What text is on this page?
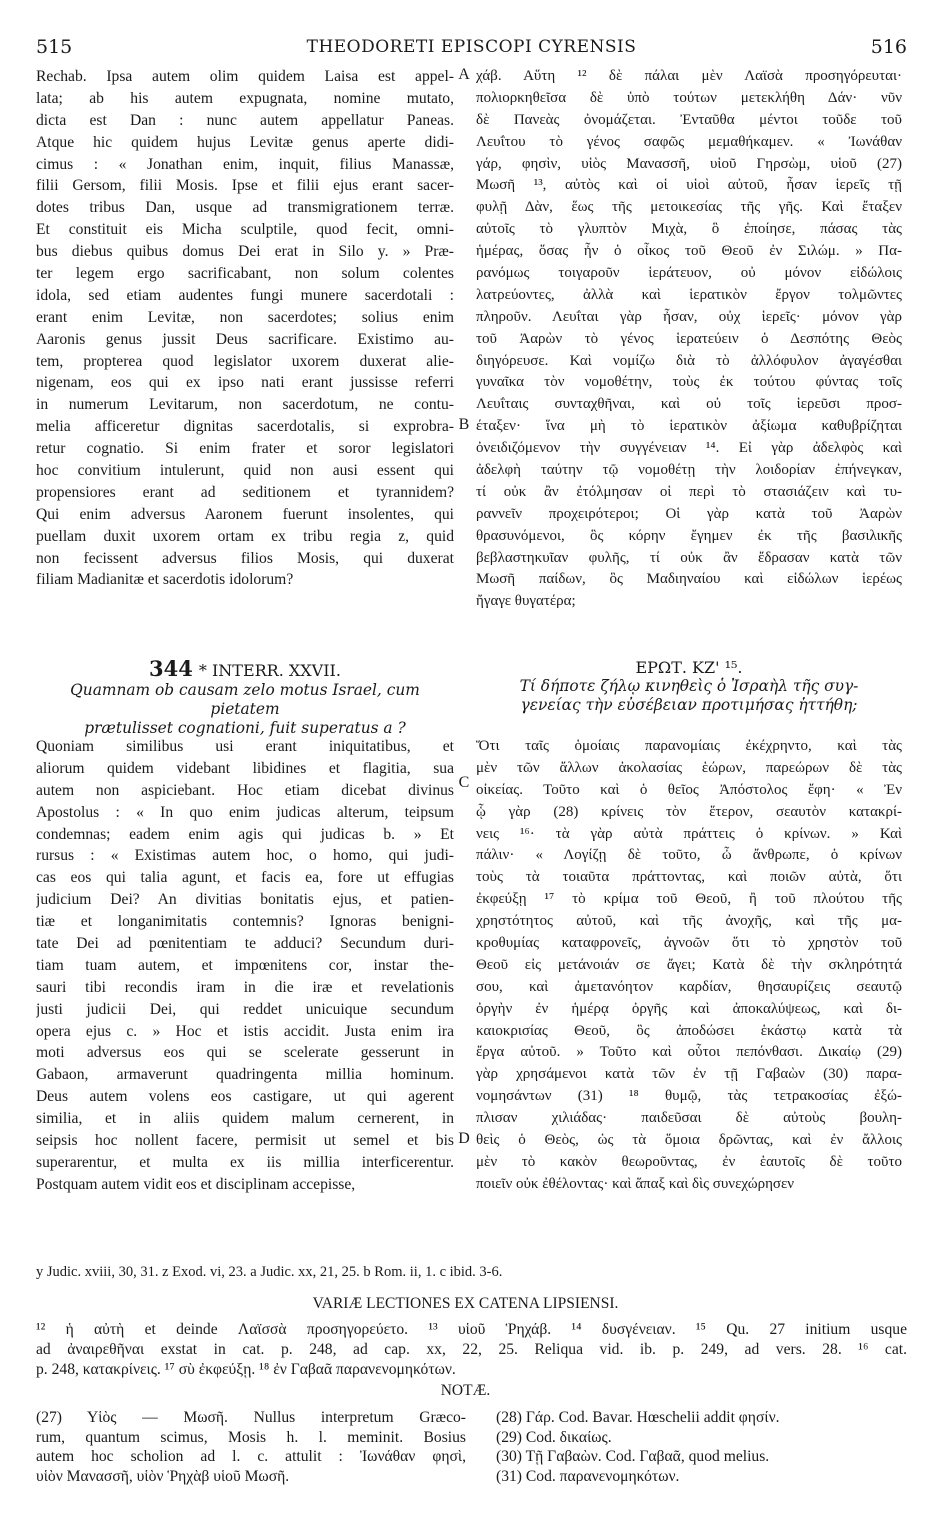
515	THEODORETI EPISCOPI CYRENSIS	516
Rechab. Ipsa autem olim quidem Laisa est appel-
lata; ab his autem expugnata, nomine mutato,
dicta est Dan : nunc autem appellatur Paneas.
Atque hic quidem hujus Levitæ genus aperte didi-
cimus : « Jonathan enim, inquit, filius Manassæ,
filii Gersom, filii Mosis. Ipse et filii ejus erant sacer-
dotes tribus Dan, usque ad transmigrationem terræ.
Et constituit eis Micha sculptile, quod fecit, omni-
bus diebus quibus domus Dei erat in Silo y. » Præ-
ter legem ergo sacrificabant, non solum colentes
idola, sed etiam audentes fungi munere sacerdotali :
erant enim Levitæ, non sacerdotes; solius enim
Aaronis genus jussit Deus sacrificare. Existimo au-
tem, propterea quod legislator uxorem duxerat alie-
nigenam, eos qui ex ipso nati erant jussisse referri
in numerum Levitarum, non sacerdotum, ne contu-
melia afficeretur dignitas sacerdotalis, si exprobra-
retur cognatio. Si enim frater et soror legislatori
hoc convitium intulerunt, quid non ausi essent qui
propensiores erant ad seditionem et tyrannidem?
Qui enim adversus Aaronem fuerunt insolentes, qui
puellam duxit uxorem ortam ex tribu regia z, quid
non fecissent adversus filios Mosis, qui duxerat
filiam Madianitæ et sacerdotis idolorum?
χάβ. Αὕτη ¹² δὲ πάλαι μὲν Λαϊσὰ προσηγόρευται·
πολιορκηθεῖσα δὲ ὑπὸ τούτων μετεκλήθη Δάν· νῦν
δὲ Πανεὰς ὀνομάζεται. Ἐνταῦθα μέντοι τοῦδε τοῦ
Λευΐτου τὸ γένος σαφῶς μεμαθήκαμεν. « Ἰωνάθαν
γάρ, φησὶν, υἱὸς Μανασσῆ, υἱοῦ Γηρσὼμ, υἱοῦ (27)
Μωσῆ ¹³, αὐτὸς καὶ οἱ υἱοὶ αὐτοῦ, ἦσαν ἱερεῖς τῇ
φυλῇ Δὰν, ἕως τῆς μετοικεσίας τῆς γῆς. Καὶ ἔταξεν
αὐτοῖς τὸ γλυπτὸν Μιχὰ, ὃ ἐποίησε, πάσας τὰς
ἡμέρας, ὅσας ἦν ὁ οἶκος τοῦ Θεοῦ ἐν Σιλώμ. » Πα-
ρανόμως τοιγαροῦν ἱεράτευον, οὐ μόνον εἰδώλοις
λατρεύοντες, ἀλλὰ καὶ ἱερατικὸν ἔργον τολμῶντες
πληροῦν. Λευΐται γὰρ ἦσαν, οὐχ ἱερεῖς· μόνον γὰρ
τοῦ Ἀαρὼν τὸ γένος ἱερατεύειν ὁ Δεσπότης Θεὸς
διηγόρευσε. Καὶ νομίζω διὰ τὸ ἀλλόφυλον ἀγαγέσθαι
γυναῖκα τὸν νομοθέτην, τοὺς ἐκ τούτου φύντας τοῖς
Λευΐταις συνταχθῆναι, καὶ οὐ τοῖς ἱερεῦσι προσ-
έταξεν· ἵνα μὴ τὸ ἱερατικὸν ἀξίωμα καθυβρίζηται
ὀνειδιζόμενον τὴν συγγένειαν ¹⁴. Εἰ γὰρ ἀδελφὸς καὶ
ἀδελφὴ ταύτην τῷ νομοθέτῃ τὴν λοιδορίαν ἐπήνεγκαν,
τί οὐκ ἂν ἐτόλμησαν οἱ περὶ τὸ στασιάζειν καὶ τυ-
ραννεῖν προχειρότεροι; Οἱ γὰρ κατὰ τοῦ Ἀαρὼν
θρασυνόμενοι, ὃς κόρην ἔγημεν ἐκ τῆς βασιλικῆς
βεβλαστηκυῖαν φυλῆς, τί οὐκ ἂν ἔδρασαν κατὰ τῶν
Μωσῆ παίδων, ὃς Μαδιηναίου καὶ εἰδώλων ἱερέως
ἤγαγε θυγατέρα;
A
B
C
D
344 * INTERR. XXVII.
Quamnam ob causam zelo motus Israel, cum pietatem
prætulisset cognationi, fuit superatus a ?
ΕΡΩΤ. ΚΖ' ¹⁵.
Τί δήποτε ζήλῳ κινηθεὶς ὁ Ἰσραὴλ τῆς συγ-
γενείας τὴν εὐσέβειαν προτιμήσας ἡττήθη;
Quoniam similibus usi erant iniquitatibus, et
aliorum quidem videbant libidines et flagitia, sua
autem non aspiciebant. Hoc etiam dicebat divinus
Apostolus : « In quo enim judicas alterum, teipsum
condemnas; eadem enim agis qui judicas b. » Et
rursus : « Existimas autem hoc, o homo, qui judi-
cas eos qui talia agunt, et facis ea, fore ut effugias
judicium Dei? An divitias bonitatis ejus, et patien-
tiæ et longanimitatis contemnis? Ignoras benigni-
tate Dei ad pœnitentiam te adduci? Secundum duri-
tiam tuam autem, et impœnitens cor, instar the-
sauri tibi recondis iram in die iræ et revelationis
justi judicii Dei, qui reddet unicuique secundum
opera ejus c. » Hoc et istis accidit. Justa enim ira
moti adversus eos qui se scelerate gesserunt in
Gabaon, armaverunt quadringenta millia hominum.
Deus autem volens eos castigare, ut qui agerent
similia, et in aliis quidem malum cernerent, in
seipsis hoc nollent facere, permisit ut semel et bis
superarentur, et multa ex iis millia interficerentur.
Postquam autem vidit eos et disciplinam accepisse,
Ὅτι ταῖς ὁμοίαις παρανομίαις ἐκέχρηντο, καὶ τὰς
μὲν τῶν ἄλλων ἀκολασίας ἑώρων, παρεώρων δὲ τὰς
οἰκείας. Τοῦτο καὶ ὁ θεῖος Ἀπόστολος ἔφη· « Ἐν
ᾧ γὰρ (28) κρίνεις τὸν ἕτερον, σεαυτὸν κατακρί-
νεις ¹⁶· τὰ γὰρ αὐτὰ πράττεις ὁ κρίνων. » Καὶ
πάλιν· « Λογίζῃ δὲ τοῦτο, ὦ ἄνθρωπε, ὁ κρίνων
τοὺς τὰ τοιαῦτα πράττοντας, καὶ ποιῶν αὐτὰ, ὅτι
ἐκφεύξῃ ¹⁷ τὸ κρίμα τοῦ Θεοῦ, ἢ τοῦ πλούτου τῆς
χρηστότητος αὐτοῦ, καὶ τῆς ἀνοχῆς, καὶ τῆς μα-
κροθυμίας καταφρονεῖς, ἀγνοῶν ὅτι τὸ χρηστὸν τοῦ
Θεοῦ εἰς μετάνοιάν σε ἄγει; Κατὰ δὲ τὴν σκληρότητά
σου, καὶ ἀμετανόητον καρδίαν, θησαυρίζεις σεαυτῷ
ὀργὴν ἐν ἡμέρᾳ ὀργῆς καὶ ἀποκαλύψεως, καὶ δι-
καιοκρισίας Θεοῦ, ὃς ἀποδώσει ἑκάστῳ κατὰ τὰ
ἔργα αὐτοῦ. » Τοῦτο καὶ οὗτοι πεπόνθασι. Δικαίῳ (29)
γὰρ χρησάμενοι κατὰ τῶν ἐν τῇ Γαβαὼν (30) παρα-
νομησάντων (31) ¹⁸ θυμῷ, τὰς τετρακοσίας ἐξώ-
πλισαν χιλιάδας· παιδεῦσαι δὲ αὐτοὺς βουλη-
θεὶς ὁ Θεὸς, ὡς τὰ ὅμοια δρῶντας, καὶ ἐν ἄλλοις
μὲν τὸ κακὸν θεωροῦντας, ἐν ἑαυτοῖς δὲ τοῦτο
ποιεῖν οὐκ ἐθέλοντας· καὶ ἅπαξ καὶ δὶς συνεχώρησεν
y Judic. xviii, 30, 31. z Exod. vi, 23. a Judic. xx, 21, 25. b Rom. ii, 1. c ibid. 3-6.
VARIÆ LECTIONES EX CATENA LIPSIENSI.
¹² ἡ αὐτὴ et deinde Λαϊσσὰ προσηγορεύετο. ¹³ υἱοῦ Ῥηχάβ. ¹⁴ δυσγένειαν. ¹⁵ Qu. 27 initium usque
ad ἀναιρεθῆναι exstat in cat. p. 248, ad cap. xx, 22, 25. Reliqua vid. ib. p. 249, ad vers. 28. ¹⁶ cat.
p. 248, κατακρίνεις. ¹⁷ σὺ ἐκφεύξῃ. ¹⁸ ἐν Γαβαᾶ παρανενομηκότων.
NOTÆ.
(27) Υἱὸς — Μωσῆ. Nullus interpretum Græco-
rum, quantum scimus, Mosis h. l. meminit. Bosius
autem hoc scholion ad l. c. attulit : Ἰωνάθαν φησὶ,
υἱὸν Μανασσῆ, υἱὸν Ῥηχὰβ υἱοῦ Μωσῆ.
(28) Γάρ. Cod. Bavar. Hœschelii addit φησίν.
(29) Cod. δικαίως.
(30) Τῇ Γαβαὼν. Cod. Γαβαᾶ, quod melius.
(31) Cod. παρανενομηκότων.
